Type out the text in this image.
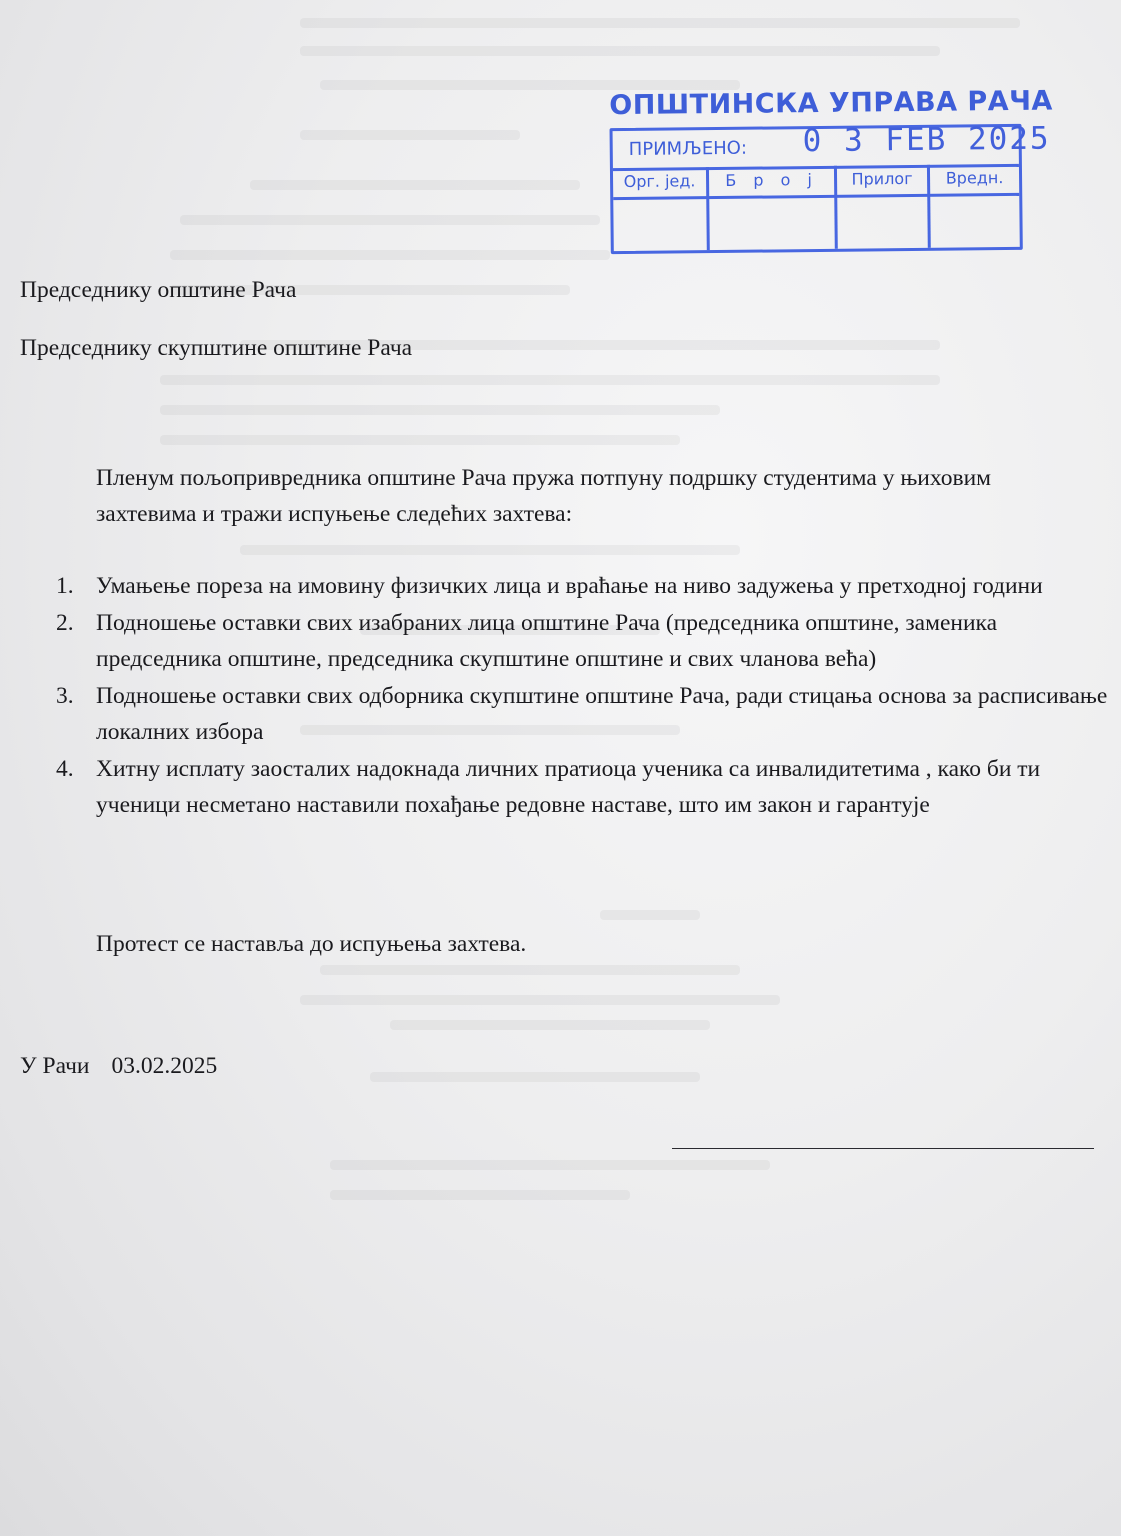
ОПШТИНСКА УПРАВА РАЧА
ПРИМЉЕНО: 0 3 FEB 2025
Орг. јед.	Б р о ј	Прилог	Вредн.
Председнику општине Рача
Председнику скупштине општине Рача
Пленум пољопривредника општине Рача пружа потпуну подршку студентима у њиховим захтевима и тражи испуњење следећих захтева:
1. Умањење пореза на имовину физичких лица и враћање на ниво задужења у претходној години
2. Подношење оставки свих изабраних лица општине Рача (председника општине, заменика председника општине, председника скупштине општине и свих чланова већа)
3. Подношење оставки свих одборника скупштине општине Рача, ради стицања основа за расписивање локалних избора
4. Хитну исплату заосталих надокнада личних пратиоца ученика са инвалидитетима , како би ти ученици несметано наставили похађање редовне наставе, што им закон и гарантује
Протест се наставља до испуњења захтева.
У Рачи 03.02.2025
